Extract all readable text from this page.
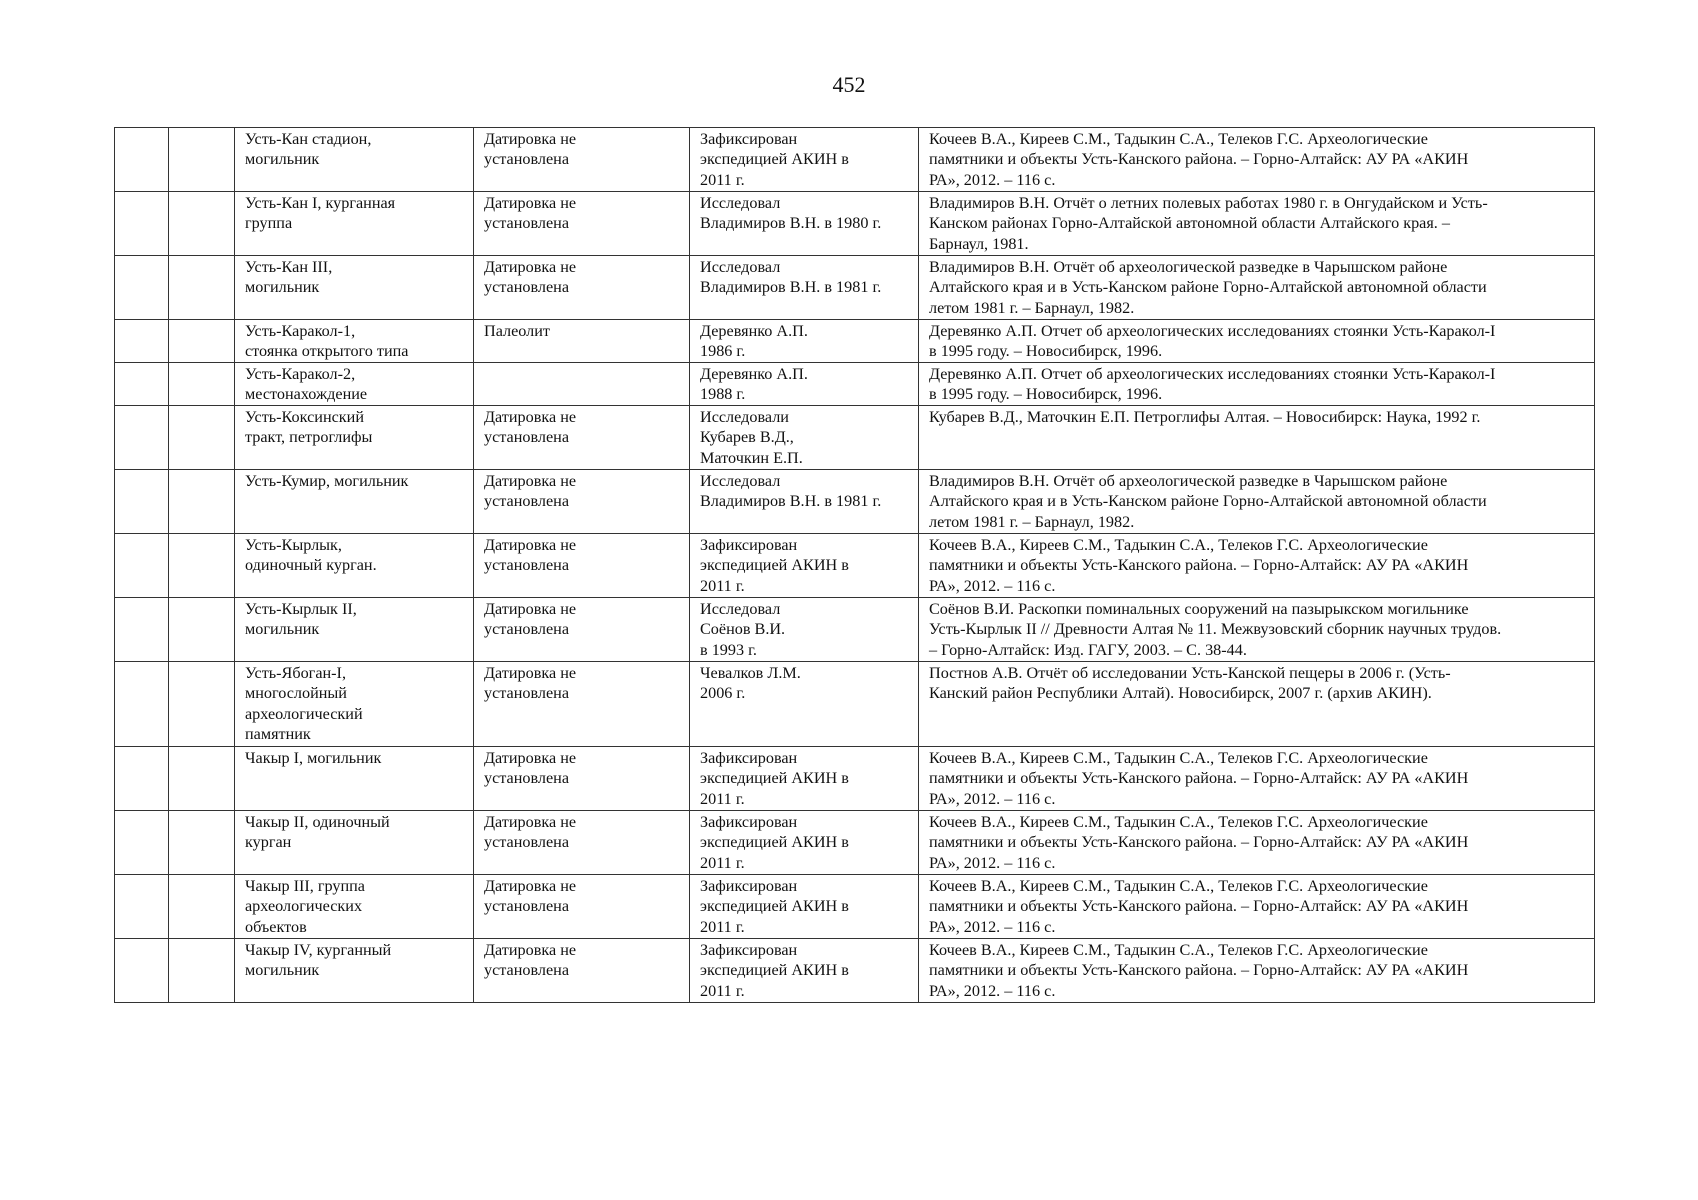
452
		Усть-Кан стадион,
могильник	Датировка не
установлена	Зафиксирован
экспедицией АКИН в
2011 г.	Кочеев В.А., Киреев С.М., Тадыкин С.А., Телеков Г.С. Археологические
памятники и объекты Усть-Канского района. – Горно-Алтайск: АУ РА «АКИН
РА», 2012. – 116 с.
		Усть-Кан I, курганная
группа	Датировка не
установлена	Исследовал
Владимиров В.Н. в 1980 г.	Владимиров В.Н. Отчёт о летних полевых работах 1980 г. в Онгудайском и Усть-
Канском районах Горно-Алтайской автономной области Алтайского края. –
Барнаул, 1981.
		Усть-Кан III,
могильник	Датировка не
установлена	Исследовал
Владимиров В.Н. в 1981 г.	Владимиров В.Н. Отчёт об археологической разведке в Чарышском районе
Алтайского края и в Усть-Канском районе Горно-Алтайской автономной области
летом 1981 г. – Барнаул, 1982.
		Усть-Каракол-1,
стоянка открытого типа	Палеолит	Деревянко А.П.
1986 г.	Деревянко А.П. Отчет об археологических исследованиях стоянки Усть-Каракол-I
в 1995 году. – Новосибирск, 1996.
		Усть-Каракол-2,
местонахождение		Деревянко А.П.
1988 г.	Деревянко А.П. Отчет об археологических исследованиях стоянки Усть-Каракол-I
в 1995 году. – Новосибирск, 1996.
		Усть-Коксинский
тракт, петроглифы	Датировка не
установлена	Исследовали
Кубарев В.Д.,
Маточкин Е.П.	Кубарев В.Д., Маточкин Е.П. Петроглифы Алтая. – Новосибирск: Наука, 1992 г.
		Усть-Кумир, могильник	Датировка не
установлена	Исследовал
Владимиров В.Н. в 1981 г.	Владимиров В.Н. Отчёт об археологической разведке в Чарышском районе
Алтайского края и в Усть-Канском районе Горно-Алтайской автономной области
летом 1981 г. – Барнаул, 1982.
		Усть-Кырлык,
одиночный курган.	Датировка не
установлена	Зафиксирован
экспедицией АКИН в
2011 г.	Кочеев В.А., Киреев С.М., Тадыкин С.А., Телеков Г.С. Археологические
памятники и объекты Усть-Канского района. – Горно-Алтайск: АУ РА «АКИН
РА», 2012. – 116 с.
		Усть-Кырлык II,
могильник	Датировка не
установлена	Исследовал
Соёнов В.И.
в 1993 г.	Соёнов В.И. Раскопки поминальных сооружений на пазырыкском могильнике
Усть-Кырлык II // Древности Алтая № 11. Межвузовский сборник научных трудов.
– Горно-Алтайск: Изд. ГАГУ, 2003. – С. 38-44.
		Усть-Ябоган-I,
многослойный
археологический
памятник	Датировка не
установлена	Чевалков Л.М.
2006 г.	Постнов А.В. Отчёт об исследовании Усть-Канской пещеры в 2006 г. (Усть-
Канский район Республики Алтай). Новосибирск, 2007 г. (архив АКИН).
		Чакыр I, могильник	Датировка не
установлена	Зафиксирован
экспедицией АКИН в
2011 г.	Кочеев В.А., Киреев С.М., Тадыкин С.А., Телеков Г.С. Археологические
памятники и объекты Усть-Канского района. – Горно-Алтайск: АУ РА «АКИН
РА», 2012. – 116 с.
		Чакыр II, одиночный
курган	Датировка не
установлена	Зафиксирован
экспедицией АКИН в
2011 г.	Кочеев В.А., Киреев С.М., Тадыкин С.А., Телеков Г.С. Археологические
памятники и объекты Усть-Канского района. – Горно-Алтайск: АУ РА «АКИН
РА», 2012. – 116 с.
		Чакыр III, группа
археологических
объектов	Датировка не
установлена	Зафиксирован
экспедицией АКИН в
2011 г.	Кочеев В.А., Киреев С.М., Тадыкин С.А., Телеков Г.С. Археологические
памятники и объекты Усть-Канского района. – Горно-Алтайск: АУ РА «АКИН
РА», 2012. – 116 с.
		Чакыр IV, курганный
могильник	Датировка не
установлена	Зафиксирован
экспедицией АКИН в
2011 г.	Кочеев В.А., Киреев С.М., Тадыкин С.А., Телеков Г.С. Археологические
памятники и объекты Усть-Канского района. – Горно-Алтайск: АУ РА «АКИН
РА», 2012. – 116 с.
